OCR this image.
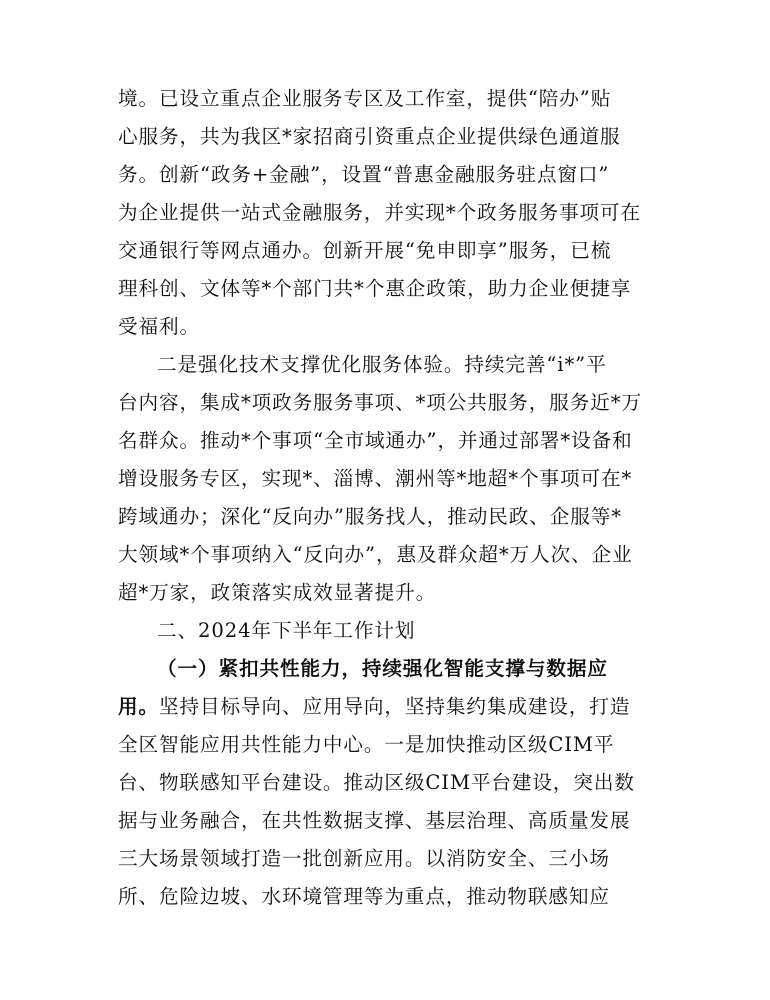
境。已设立重点企业服务专区及工作室，提供“陪办”贴
心服务，共为我区*家招商引资重点企业提供绿色通道服
务。创新“政务+金融”，设置“普惠金融服务驻点窗口”
为企业提供一站式金融服务，并实现*个政务服务事项可在
交通银行等网点通办。创新开展“免申即享”服务，已梳
理科创、文体等*个部门共*个惠企政策，助力企业便捷享
受福利。
二是强化技术支撑优化服务体验。持续完善“i*”平
台内容，集成*项政务服务事项、*项公共服务，服务近*万
名群众。推动*个事项“全市域通办”，并通过部署*设备和
增设服务专区，实现*、淄博、潮州等*地超*个事项可在*
跨域通办；深化“反向办”服务找人，推动民政、企服等*
大领域*个事项纳入“反向办”，惠及群众超*万人次、企业
超*万家，政策落实成效显著提升。
二、2024年下半年工作计划
（一）紧扣共性能力，持续强化智能支撑与数据应
用。坚持目标导向、应用导向，坚持集约集成建设，打造
全区智能应用共性能力中心。一是加快推动区级CIM平
台、物联感知平台建设。推动区级CIM平台建设，突出数
据与业务融合，在共性数据支撑、基层治理、高质量发展
三大场景领域打造一批创新应用。以消防安全、三小场
所、危险边坡、水环境管理等为重点，推动物联感知应
